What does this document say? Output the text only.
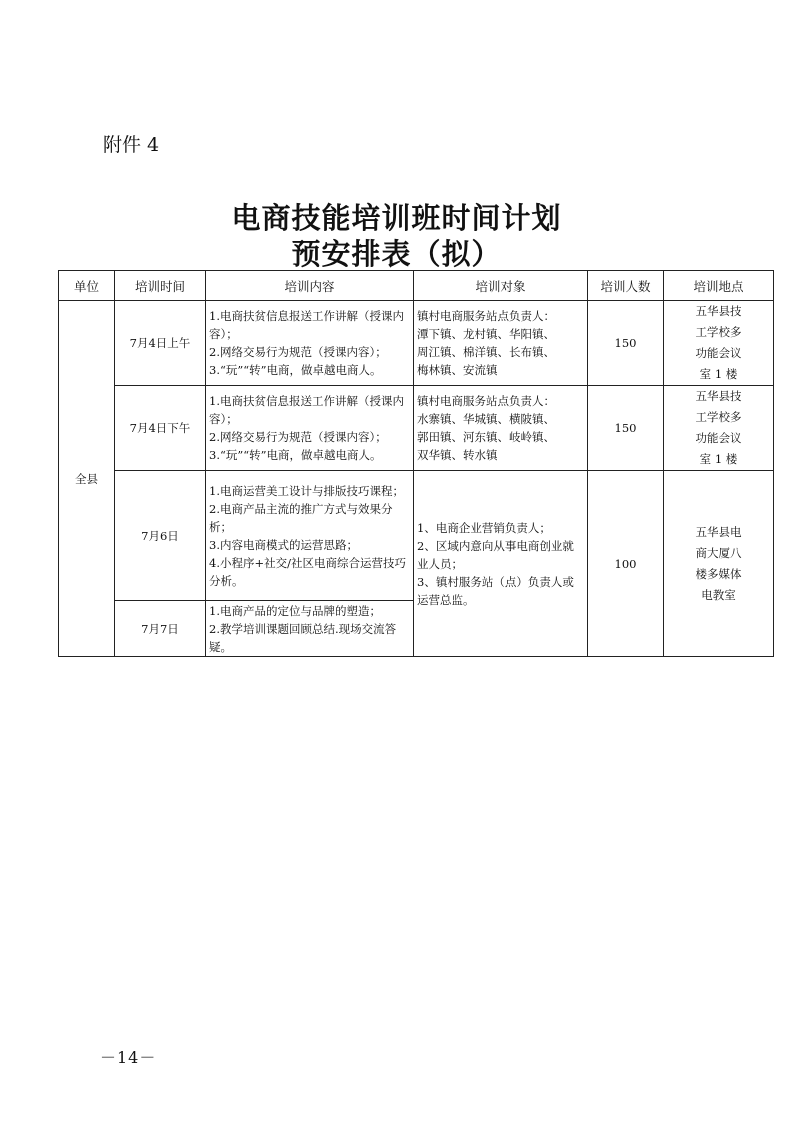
附件 4
电商技能培训班时间计划
预安排表（拟）
单位	培训时间	培训内容	培训对象	培训人数	培训地点
全县	7月4日上午	1.电商扶贫信息报送工作讲解（授课内容）；
2.网络交易行为规范（授课内容）；
3.“玩”“转”电商，做卓越电商人。	镇村电商服务站点负责人：
潭下镇、龙村镇、华阳镇、
周江镇、棉洋镇、长布镇、
梅林镇、安流镇	150	五华县技
工学校多
功能会议
室 1 楼

	7月4日下午	1.电商扶贫信息报送工作讲解（授课内容）；
2.网络交易行为规范（授课内容）；
3.“玩”“转”电商，做卓越电商人。	镇村电商服务站点负责人：
水寨镇、华城镇、横陂镇、
郭田镇、河东镇、岐岭镇、
双华镇、转水镇	150	五华县技
工学校多
功能会议
室 1 楼

	7月6日	1.电商运营美工设计与排版技巧课程；
2.电商产品主流的推广方式与效果分析；
3.内容电商模式的运营思路；
4.小程序+社交/社区电商综合运营技巧分析。	1、电商企业营销负责人；
2、区域内意向从事电商创业就业人员；
3、镇村服务站（点）负责人或运营总监。	100	五华县电
商大厦八
楼多媒体
电教室

	7月7日	1.电商产品的定位与品牌的塑造；
2.教学培训课题回顾总结.现场交流答疑。			
－14－
